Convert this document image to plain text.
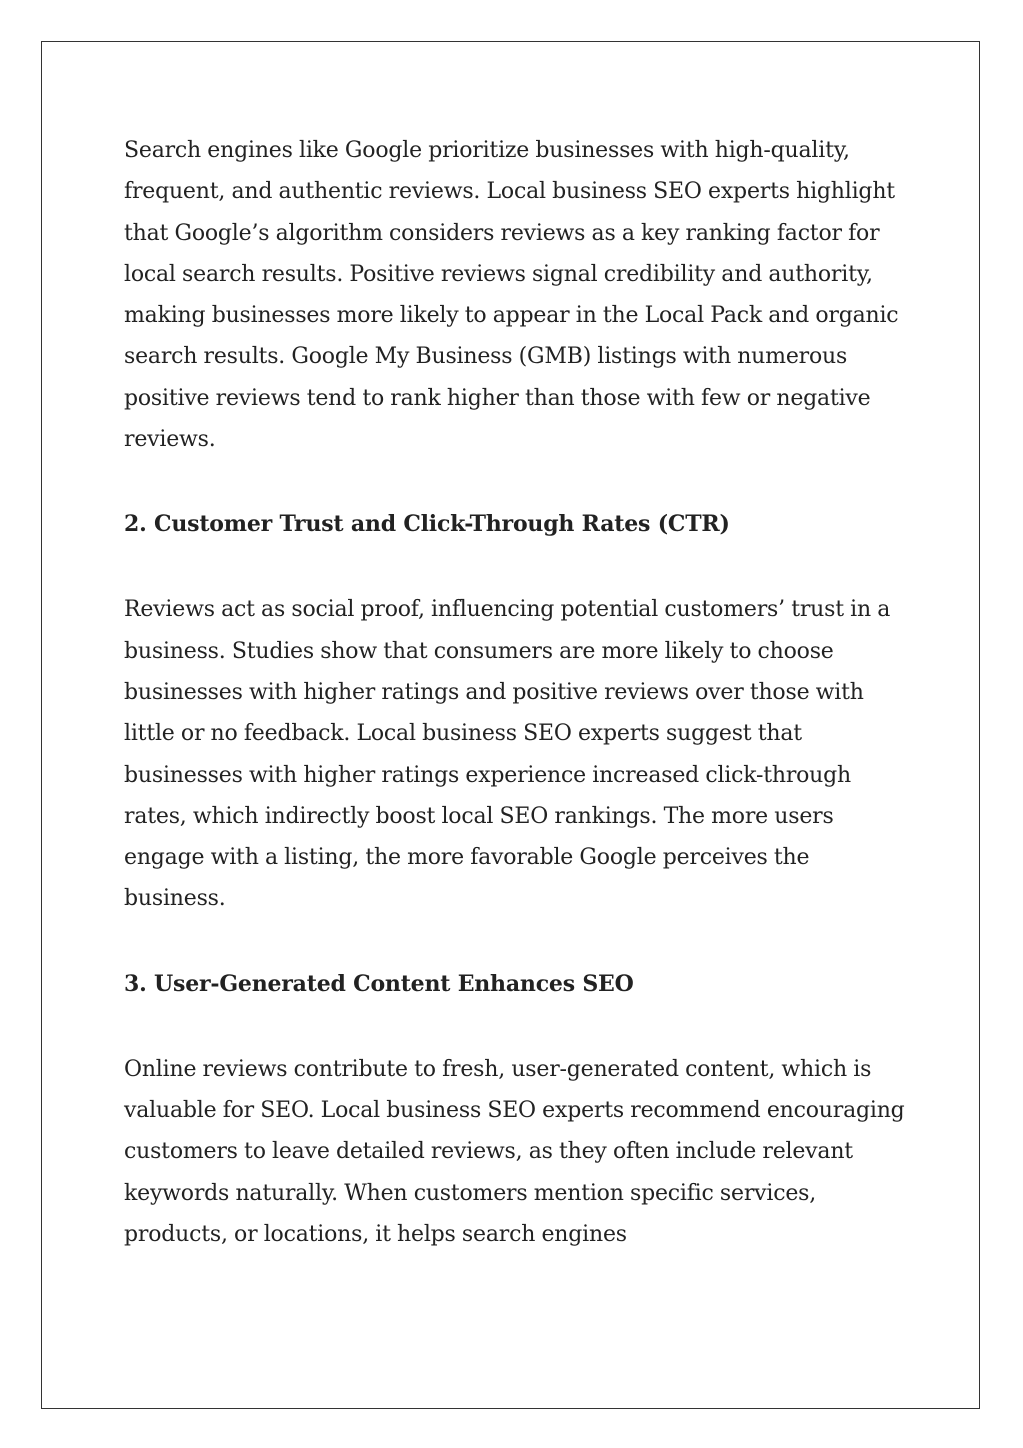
Search engines like Google prioritize businesses with high-quality, frequent, and authentic reviews. Local business SEO experts highlight that Google’s algorithm considers reviews as a key ranking factor for local search results. Positive reviews signal credibility and authority, making businesses more likely to appear in the Local Pack and organic search results. Google My Business (GMB) listings with numerous positive reviews tend to rank higher than those with few or negative reviews.

2. Customer Trust and Click-Through Rates (CTR)

Reviews act as social proof, influencing potential customers’ trust in a business. Studies show that consumers are more likely to choose businesses with higher ratings and positive reviews over those with little or no feedback. Local business SEO experts suggest that businesses with higher ratings experience increased click-through rates, which indirectly boost local SEO rankings. The more users engage with a listing, the more favorable Google perceives the business.

3. User-Generated Content Enhances SEO

Online reviews contribute to fresh, user-generated content, which is valuable for SEO. Local business SEO experts recommend encouraging customers to leave detailed reviews, as they often include relevant keywords naturally. When customers mention specific services, products, or locations, it helps search engines
